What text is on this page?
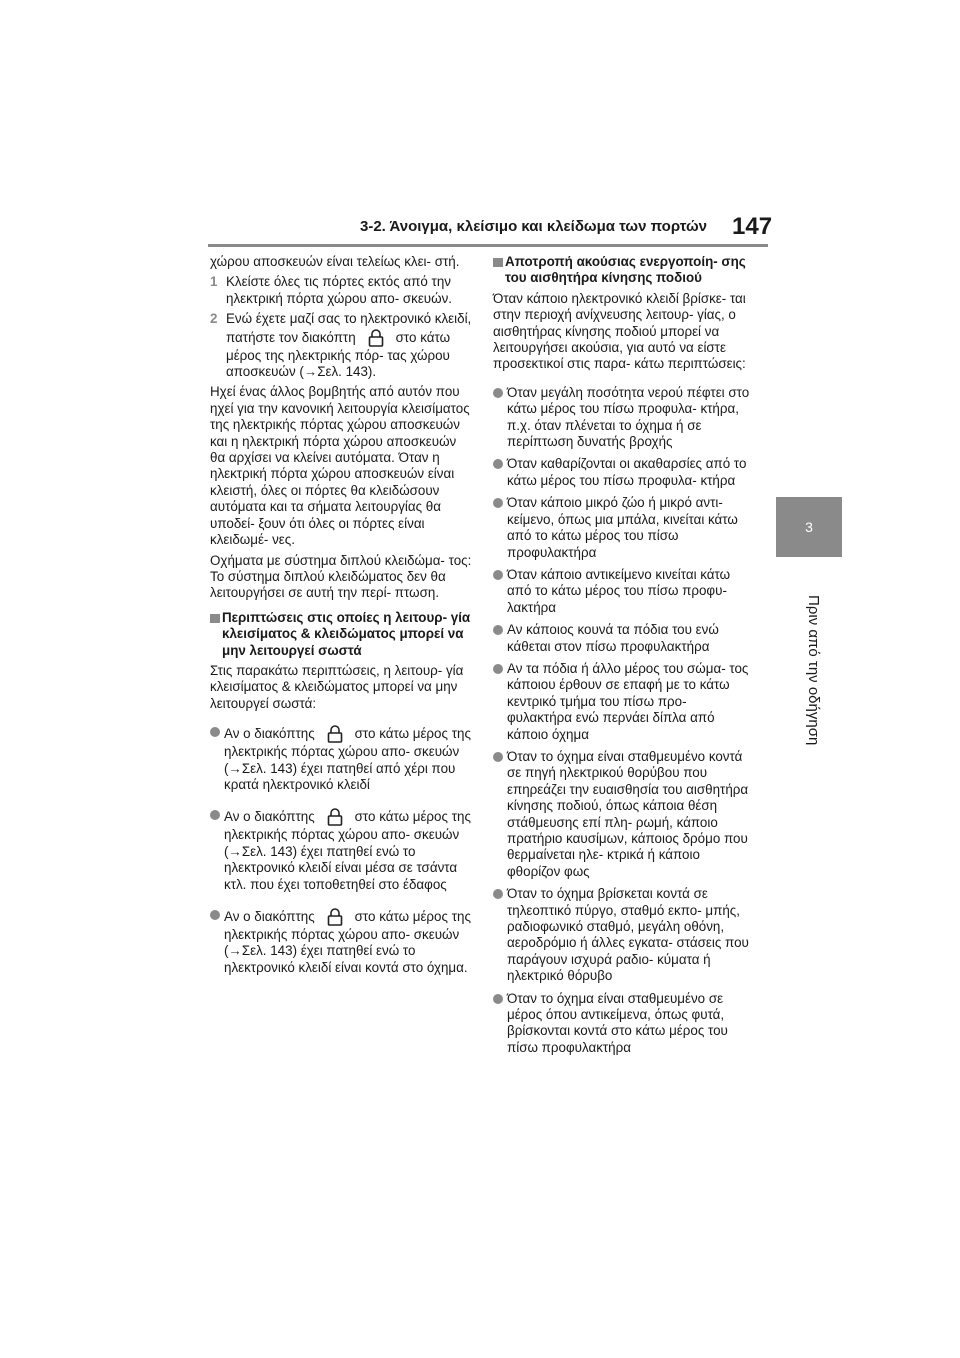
3-2. Άνοιγμα, κλείσιμο και κλείδωμα των πορτών 147
3
Πριν από την οδήγηση

χώρου αποσκευών είναι τελείως κλει- στή.

1 Κλείστε όλες τις πόρτες εκτός από την ηλεκτρική πόρτα χώρου απο- σκευών.
2 Ενώ έχετε μαζί σας το ηλεκτρονικό κλειδί, πατήστε τον διακόπτη	στο κάτω μέρος της ηλεκτρικής πόρ- τας χώρου αποσκευών (→Σελ. 143).

Ηχεί ένας άλλος βομβητής από αυτόν που ηχεί για την κανονική λειτουργία κλεισίματος της ηλεκτρικής πόρτας χώρου αποσκευών και η ηλεκτρική πόρτα χώρου αποσκευών θα αρχίσει να κλείνει αυτόματα. Όταν η ηλεκτρική πόρτα χώρου αποσκευών είναι κλειστή, όλες οι πόρτες θα κλειδώσουν αυτόματα και τα σήματα λειτουργίας θα υποδεί- ξουν ότι όλες οι πόρτες είναι κλειδωμέ- νες.

Οχήματα με σύστημα διπλού κλειδώμα- τος: Το σύστημα διπλού κλειδώματος δεν θα λειτουργήσει σε αυτή την περί- πτωση.

Περιπτώσεις στις οποίες η λειτουρ- γία κλεισίματος & κλειδώματος μπορεί να μην λειτουργεί σωστά

Στις παρακάτω περιπτώσεις, η λειτουρ- γία κλεισίματος & κλειδώματος μπορεί να μην λειτουργεί σωστά:

Αν ο διακόπτης	στο κάτω μέρος της ηλεκτρικής πόρτας χώρου απο- σκευών (→Σελ. 143) έχει πατηθεί από χέρι που κρατά ηλεκτρονικό κλειδί
Αν ο διακόπτης	στο κάτω μέρος της ηλεκτρικής πόρτας χώρου απο- σκευών (→Σελ. 143) έχει πατηθεί ενώ το ηλεκτρονικό κλειδί είναι μέσα σε τσάντα κτλ. που έχει τοποθετηθεί στο έδαφος
Αν ο διακόπτης	στο κάτω μέρος της ηλεκτρικής πόρτας χώρου απο- σκευών (→Σελ. 143) έχει πατηθεί ενώ το ηλεκτρονικό κλειδί είναι κοντά στο όχημα.
Αποτροπή ακούσιας ενεργοποίη- σης του αισθητήρα κίνησης ποδιού

Όταν κάποιο ηλεκτρονικό κλειδί βρίσκε- ται στην περιοχή ανίχνευσης λειτουρ- γίας, ο αισθητήρας κίνησης ποδιού μπορεί να λειτουργήσει ακούσια, για αυτό να είστε προσεκτικοί στις παρα- κάτω περιπτώσεις:

Όταν μεγάλη ποσότητα νερού πέφτει στο κάτω μέρος του πίσω προφυλα- κτήρα, π.χ. όταν πλένεται το όχημα ή σε περίπτωση δυνατής βροχής
Όταν καθαρίζονται οι ακαθαρσίες από το κάτω μέρος του πίσω προφυλα- κτήρα
Όταν κάποιο μικρό ζώο ή μικρό αντι- κείμενο, όπως μια μπάλα, κινείται κάτω από το κάτω μέρος του πίσω προφυλακτήρα
Όταν κάποιο αντικείμενο κινείται κάτω από το κάτω μέρος του πίσω προφυ- λακτήρα
Αν κάποιος κουνά τα πόδια του ενώ κάθεται στον πίσω προφυλακτήρα
Αν τα πόδια ή άλλο μέρος του σώμα- τος κάποιου έρθουν σε επαφή με το κάτω κεντρικό τμήμα του πίσω προ- φυλακτήρα ενώ περνάει δίπλα από κάποιο όχημα
Όταν το όχημα είναι σταθμευμένο κοντά σε πηγή ηλεκτρικού θορύβου που επηρεάζει την ευαισθησία του αισθητήρα κίνησης ποδιού, όπως κάποια θέση στάθμευσης επί πλη- ρωμή, κάποιο πρατήριο καυσίμων, κάποιος δρόμο που θερμαίνεται ηλε- κτρικά ή κάποιο φθορίζον φως
Όταν το όχημα βρίσκεται κοντά σε τηλεοπτικό πύργο, σταθμό εκπο- μπής, ραδιοφωνικό σταθμό, μεγάλη οθόνη, αεροδρόμιο ή άλλες εγκατα- στάσεις που παράγουν ισχυρά ραδιο- κύματα ή ηλεκτρικό θόρυβο
Όταν το όχημα είναι σταθμευμένο σε μέρος όπου αντικείμενα, όπως φυτά, βρίσκονται κοντά στο κάτω μέρος του πίσω προφυλακτήρα
